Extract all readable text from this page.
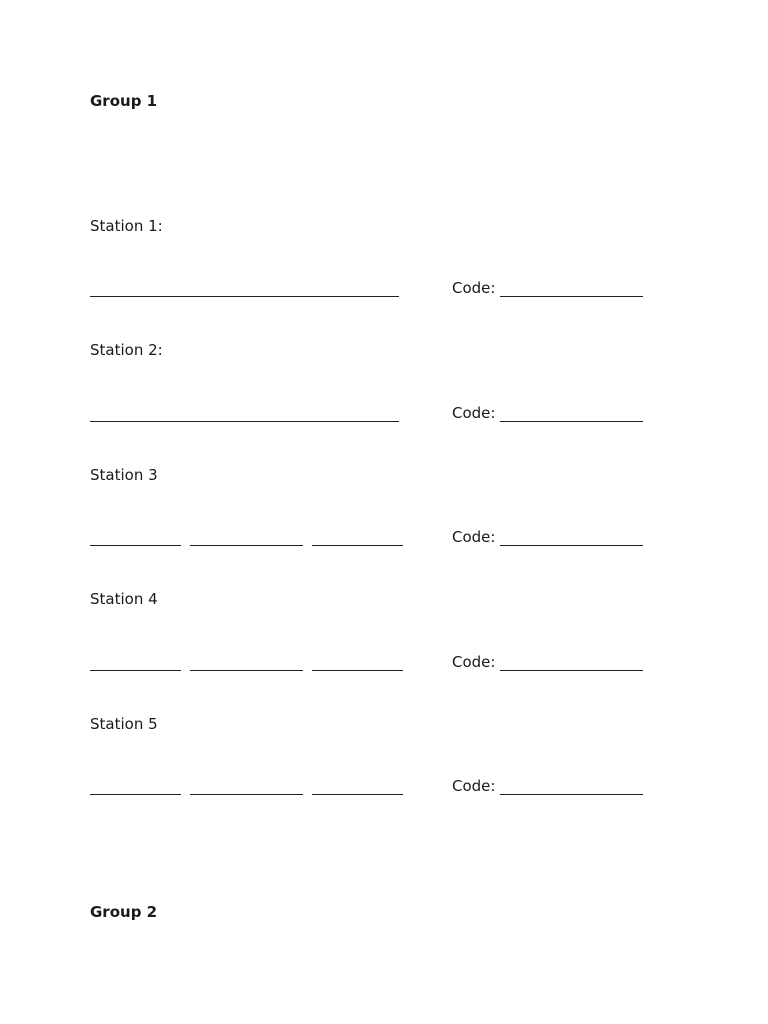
Group 1
Station 1:
Code:
Station 2:
Code:
Station 3
Code:
Station 4
Code:
Station 5
Code:
Group 2
